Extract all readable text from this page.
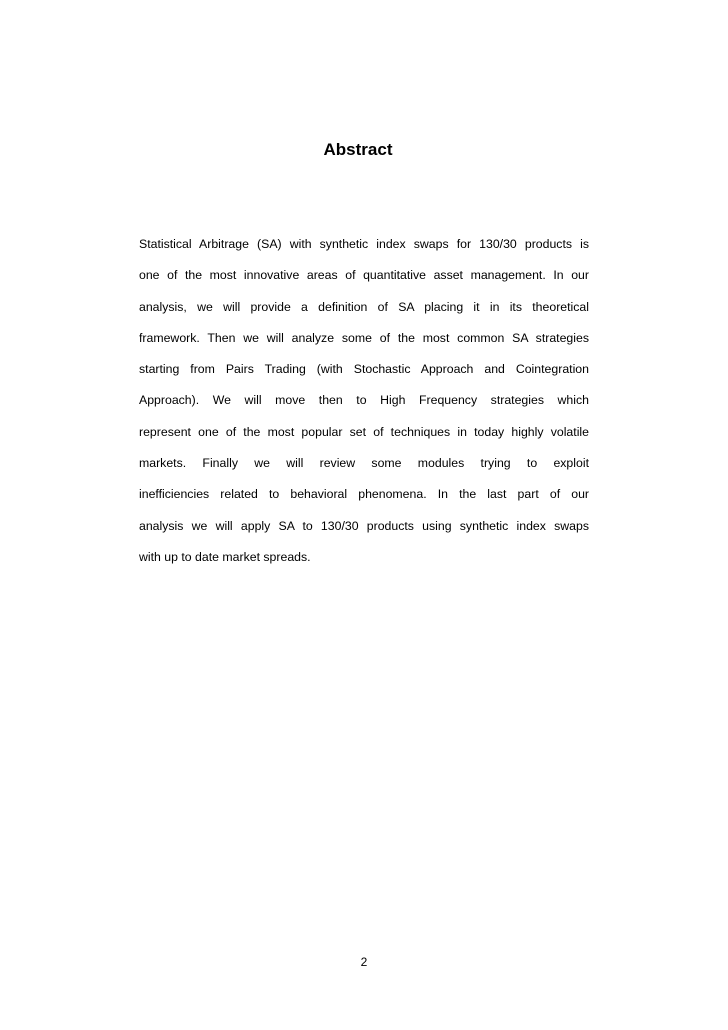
Abstract
Statistical Arbitrage (SA) with synthetic index swaps for 130/30 products is
one of the most innovative areas of quantitative asset management. In our
analysis, we will provide a definition of SA placing it in its theoretical
framework. Then we will analyze some of the most common SA strategies
starting from Pairs Trading (with Stochastic Approach and Cointegration
Approach). We will move then to High Frequency strategies which
represent one of the most popular set of techniques in today highly volatile
markets. Finally we will review some modules trying to exploit
inefficiencies related to behavioral phenomena. In the last part of our
analysis we will apply SA to 130/30 products using synthetic index swaps
with up to date market spreads.

2
